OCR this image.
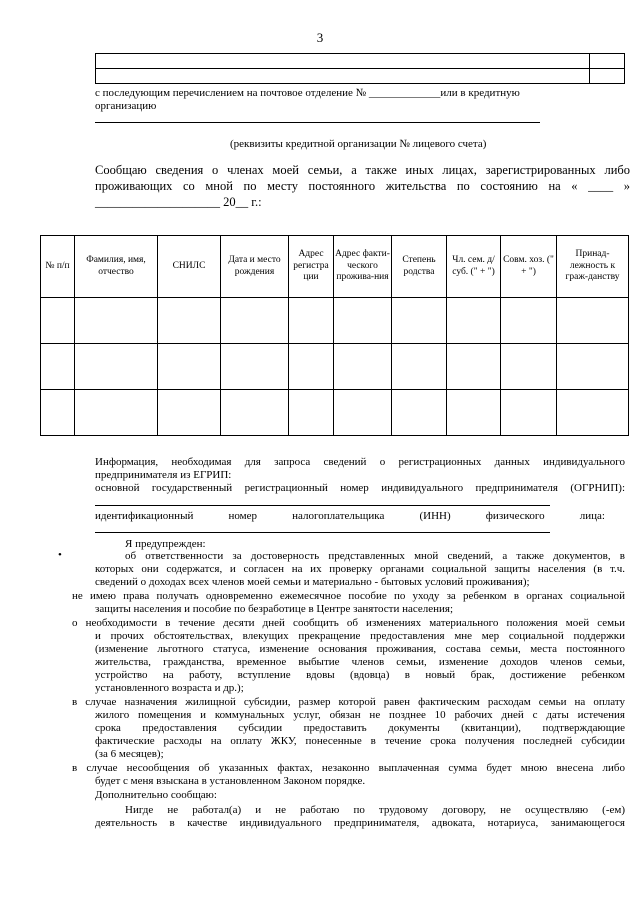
3

с последующим перечислением на почтовое отделение № _____________или в кредитную
организацию
(реквизиты кредитной организации № лицевого счета)
Сообщаю сведения о членах моей семьи, а также иных лицах, зарегистрированных либо
проживающих со мной по месту постоянного жительства по состоянию на « ____ »
____________________ 20__ г.:
№ п/п	Фамилия, имя, отчество	СНИЛС	Дата и место рождения	Адрес регистра ции	Адрес факти-ческого прожива-ния	Степень родства	Чл. сем. д/суб. (" + ")	Совм. хоз. (" + ")	Принад-лежность к граж-данству

Информация, необходимая для запроса сведений о регистрационных данных индивидуального
предпринимателя из ЕГРИП:
основной государственный регистрационный номер индивидуального предпринимателя (ОГРНИП):
идентификационный номер налогоплательщика (ИНН) физического лица:
Я предупрежден:
•	об ответственности за достоверность представленных мной сведений, а также документов, в
которых они содержатся, и согласен на их проверку органами социальной защиты населения (в т.ч.
сведений о доходах всех членов моей семьи и материально - бытовых условий проживания);
не имею права получать одновременно ежемесячное пособие по уходу за ребенком в органах социальной
защиты населения и пособие по безработице в Центре занятости населения;
о необходимости в течение десяти дней сообщить об изменениях материального положения моей семьи
и прочих обстоятельствах, влекущих прекращение предоставления мне мер социальной поддержки
(изменение льготного статуса, изменение основания проживания, состава семьи, места постоянного
жительства, гражданства, временное выбытие членов семьи, изменение доходов членов семьи,
устройство на работу, вступление вдовы (вдовца) в новый брак, достижение ребенком
установленного возраста и др.);
в случае назначения жилищной субсидии, размер которой равен фактическим расходам семьи на оплату
жилого помещения и коммунальных услуг, обязан не позднее 10 рабочих дней с даты истечения
срока предоставления субсидии предоставить документы (квитанции), подтверждающие
фактические расходы на оплату ЖКУ, понесенные в течение срока получения последней субсидии
(за 6 месяцев);
в случае несообщения об указанных фактах, незаконно выплаченная сумма будет мною внесена либо
будет с меня взыскана в установленном Законом порядке.
Дополнительно сообщаю:
Нигде не работал(а) и не работаю по трудовому договору, не осуществляю (-ем)
деятельность в качестве индивидуального предпринимателя, адвоката, нотариуса, занимающегося
